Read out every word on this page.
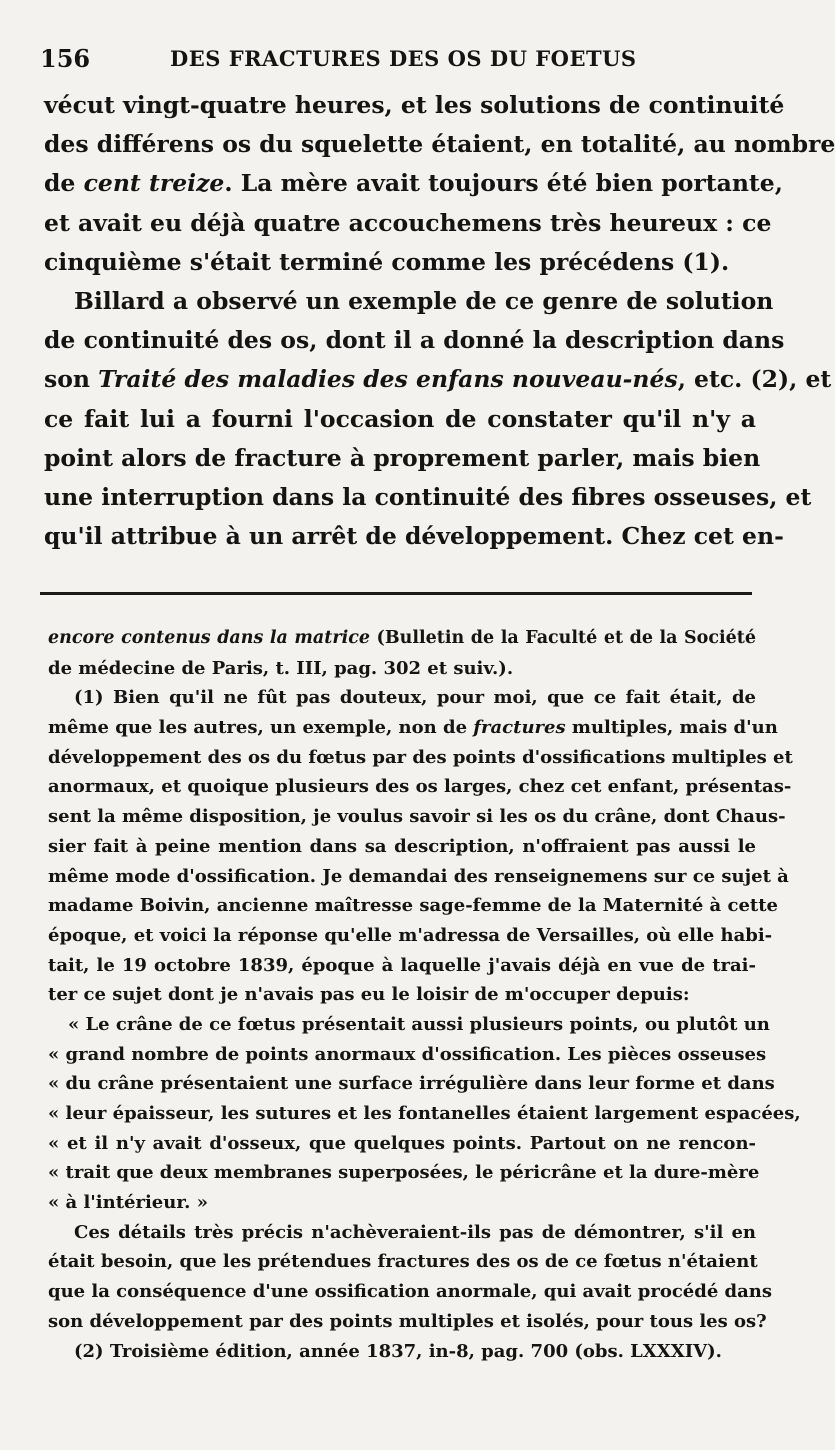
156	DES FRACTURES DES OS DU FOETUS
vécut vingt-quatre heures, et les solutions de continuité
des différens os du squelette étaient, en totalité, au nombre
de cent treize. La mère avait toujours été bien portante,
et avait eu déjà quatre accouchemens très heureux : ce
cinquième s'était terminé comme les précédens (1).
Billard a observé un exemple de ce genre de solution
de continuité des os, dont il a donné la description dans
son Traité des maladies des enfans nouveau-nés, etc. (2), et
ce fait lui a fourni l'occasion de constater qu'il n'y a
point alors de fracture à proprement parler, mais bien
une interruption dans la continuité des fibres osseuses, et
qu'il attribue à un arrêt de développement. Chez cet en-
encore contenus dans la matrice (Bulletin de la Faculté et de la Société
de médecine de Paris, t. III, pag. 302 et suiv.).
(1) Bien qu'il ne fût pas douteux, pour moi, que ce fait était, de
même que les autres, un exemple, non de fractures multiples, mais d'un
développement des os du fœtus par des points d'ossifications multiples et
anormaux, et quoique plusieurs des os larges, chez cet enfant, présentas-
sent la même disposition, je voulus savoir si les os du crâne, dont Chaus-
sier fait à peine mention dans sa description, n'offraient pas aussi le
même mode d'ossification. Je demandai des renseignemens sur ce sujet à
madame Boivin, ancienne maîtresse sage-femme de la Maternité à cette
époque, et voici la réponse qu'elle m'adressa de Versailles, où elle habi-
tait, le 19 octobre 1839, époque à laquelle j'avais déjà en vue de trai-
ter ce sujet dont je n'avais pas eu le loisir de m'occuper depuis:
« Le crâne de ce fœtus présentait aussi plusieurs points, ou plutôt un
« grand nombre de points anormaux d'ossification. Les pièces osseuses
« du crâne présentaient une surface irrégulière dans leur forme et dans
« leur épaisseur, les sutures et les fontanelles étaient largement espacées,
« et il n'y avait d'osseux, que quelques points. Partout on ne rencon-
« trait que deux membranes superposées, le péricrâne et la dure-mère
« à l'intérieur. »
Ces détails très précis n'achèveraient-ils pas de démontrer, s'il en
était besoin, que les prétendues fractures des os de ce fœtus n'étaient
que la conséquence d'une ossification anormale, qui avait procédé dans
son développement par des points multiples et isolés, pour tous les os?
(2) Troisième édition, année 1837, in-8, pag. 700 (obs. LXXXIV).
